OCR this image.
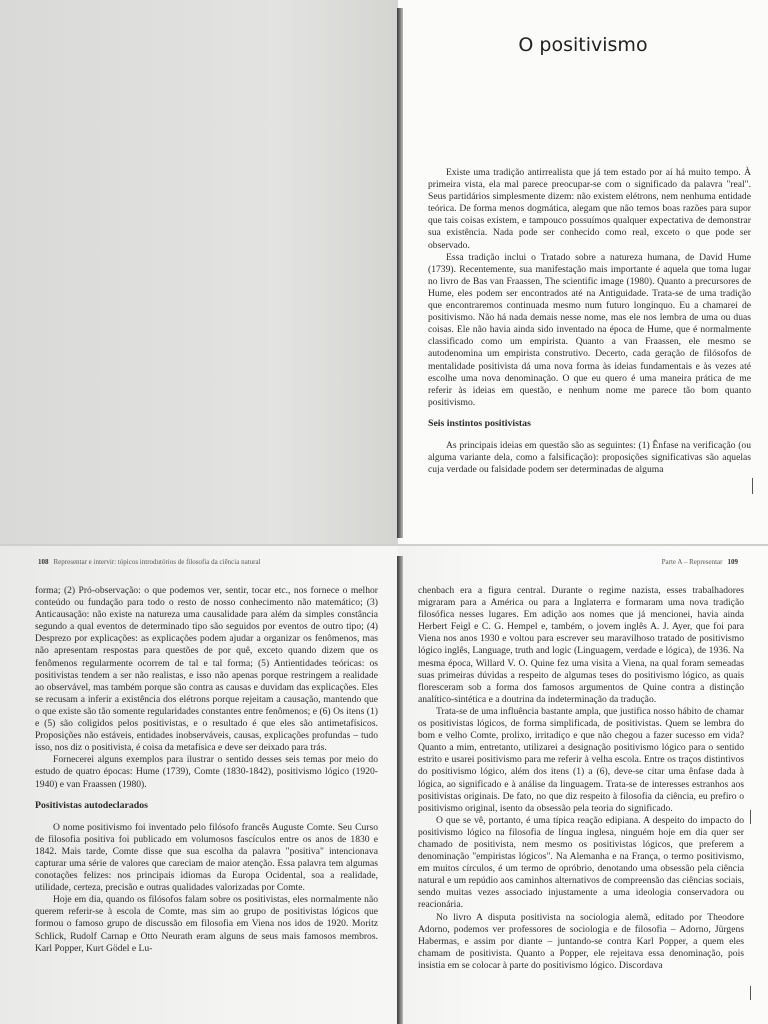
O positivismo

Existe uma tradição antirrealista que já tem estado por aí há muito tempo. À primeira vista, ela mal parece preocupar-se com o significado da palavra "real". Seus partidários simplesmente dizem: não existem elétrons, nem nenhuma entidade teórica. De forma menos dogmática, alegam que não temos boas razões para supor que tais coisas existem, e tampouco possuímos qualquer expectativa de demonstrar sua existência. Nada pode ser conhecido como real, exceto o que pode ser observado.

Essa tradição inclui o Tratado sobre a natureza humana, de David Hume (1739). Recentemente, sua manifestação mais importante é aquela que toma lugar no livro de Bas van Fraassen, The scientific image (1980). Quanto a precursores de Hume, eles podem ser encontrados até na Antiguidade. Trata-se de uma tradição que encontraremos continuada mesmo num futuro longínquo. Eu a chamarei de positivismo. Não há nada demais nesse nome, mas ele nos lembra de uma ou duas coisas. Ele não havia ainda sido inventado na época de Hume, que é normalmente classificado como um empirista. Quanto a van Fraassen, ele mesmo se autodenomina um empirista construtivo. Decerto, cada geração de filósofos de mentalidade positivista dá uma nova forma às ideias fundamentais e às vezes até escolhe uma nova denominação. O que eu quero é uma maneira prática de me referir às ideias em questão, e nenhum nome me parece tão bom quanto positivismo.

Seis instintos positivistas

As principais ideias em questão são as seguintes: (1) Ênfase na verificação (ou alguma variante dela, como a falsificação): proposições significativas são aquelas cuja verdade ou falsidade podem ser determinadas de alguma

108 Representar e intervir: tópicos introdutórios de filosofia da ciência natural	Parte A – Representar 109

forma; (2) Pró-observação: o que podemos ver, sentir, tocar etc., nos fornece o melhor conteúdo ou fundação para todo o resto de nosso conhecimento não matemático; (3) Anticausação: não existe na natureza uma causalidade para além da simples constância segundo a qual eventos de determinado tipo são seguidos por eventos de outro tipo; (4) Desprezo por explicações: as explicações podem ajudar a organizar os fenômenos, mas não apresentam respostas para questões de por quê, exceto quando dizem que os fenômenos regularmente ocorrem de tal e tal forma; (5) Antientidades teóricas: os positivistas tendem a ser não realistas, e isso não apenas porque restringem a realidade ao observável, mas também porque são contra as causas e duvidam das explicações. Eles se recusam a inferir a existência dos elétrons porque rejeitam a causação, mantendo que o que existe são tão somente regularidades constantes entre fenômenos; e (6) Os itens (1) e (5) são coligidos pelos positivistas, e o resultado é que eles são antimetafísicos. Proposições não estáveis, entidades inobserváveis, causas, explicações profundas – tudo isso, nos diz o positivista, é coisa da metafísica e deve ser deixado para trás.

Fornecerei alguns exemplos para ilustrar o sentido desses seis temas por meio do estudo de quatro épocas: Hume (1739), Comte (1830-1842), positivismo lógico (1920-1940) e van Fraassen (1980).

Positivistas autodeclarados

O nome positivismo foi inventado pelo filósofo francês Auguste Comte. Seu Curso de filosofia positiva foi publicado em volumosos fascículos entre os anos de 1830 e 1842. Mais tarde, Comte disse que sua escolha da palavra "positiva" intencionava capturar uma série de valores que careciam de maior atenção. Essa palavra tem algumas conotações felizes: nos principais idiomas da Europa Ocidental, soa a realidade, utilidade, certeza, precisão e outras qualidades valorizadas por Comte.

Hoje em dia, quando os filósofos falam sobre os positivistas, eles normalmente não querem referir-se à escola de Comte, mas sim ao grupo de positivistas lógicos que formou o famoso grupo de discussão em filosofia em Viena nos idos de 1920. Moritz Schlick, Rudolf Carnap e Otto Neurath eram alguns de seus mais famosos membros. Karl Popper, Kurt Gödel e Lu-

chenbach era a figura central. Durante o regime nazista, esses trabalhadores migraram para a América ou para a Inglaterra e formaram uma nova tradição filosófica nesses lugares. Em adição aos nomes que já mencionei, havia ainda Herbert Feigl e C. G. Hempel e, também, o jovem inglês A. J. Ayer, que foi para Viena nos anos 1930 e voltou para escrever seu maravilhoso tratado de positivismo lógico inglês, Language, truth and logic (Linguagem, verdade e lógica), de 1936. Na mesma época, Willard V. O. Quine fez uma visita a Viena, na qual foram semeadas suas primeiras dúvidas a respeito de algumas teses do positivismo lógico, as quais floresceram sob a forma dos famosos argumentos de Quine contra a distinção analítico-sintética e a doutrina da indeterminação da tradução.

Trata-se de uma influência bastante ampla, que justifica nosso hábito de chamar os positivistas lógicos, de forma simplificada, de positivistas. Quem se lembra do bom e velho Comte, prolixo, irritadiço e que não chegou a fazer sucesso em vida? Quanto a mim, entretanto, utilizarei a designação positivismo lógico para o sentido estrito e usarei positivismo para me referir à velha escola. Entre os traços distintivos do positivismo lógico, além dos itens (1) a (6), deve-se citar uma ênfase dada à lógica, ao significado e à análise da linguagem. Trata-se de interesses estranhos aos positivistas originais. De fato, no que diz respeito à filosofia da ciência, eu prefiro o positivismo original, isento da obsessão pela teoria do significado.

O que se vê, portanto, é uma típica reação edipiana. A despeito do impacto do positivismo lógico na filosofia de língua inglesa, ninguém hoje em dia quer ser chamado de positivista, nem mesmo os positivistas lógicos, que preferem a denominação "empiristas lógicos". Na Alemanha e na França, o termo positivismo, em muitos círculos, é um termo de opróbrio, denotando uma obsessão pela ciência natural e um repúdio aos caminhos alternativos de compreensão das ciências sociais, sendo muitas vezes associado injustamente a uma ideologia conservadora ou reacionária.

No livro A disputa positivista na sociologia alemã, editado por Theodore Adorno, podemos ver professores de sociologia e de filosofia – Adorno, Jürgens Habermas, e assim por diante – juntando-se contra Karl Popper, a quem eles chamam de positivista. Quanto a Popper, ele rejeitava essa denominação, pois insistia em se colocar à parte do positivismo lógico. Discordava
